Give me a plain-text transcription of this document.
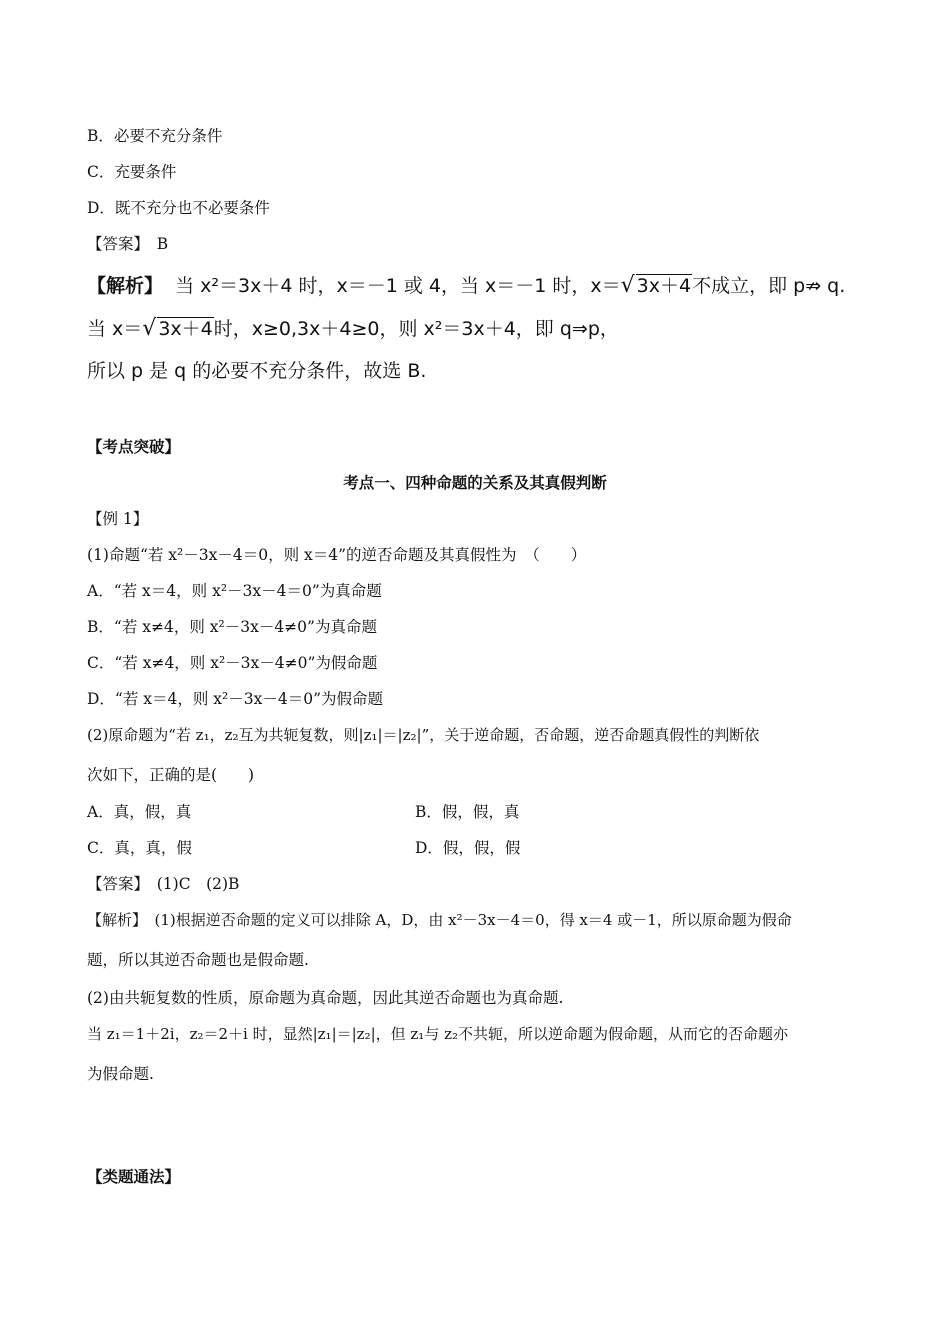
B．必要不充分条件
C．充要条件
D．既不充分也不必要条件
【答案】　B
【解析】 当 x²＝3x＋4 时，x＝－1 或 4，当 x＝－1 时，x＝√ 3x＋4不成立，即 p⇏ q.
当 x＝√ 3x＋4时，x≥0,3x＋4≥0，则 x²＝3x＋4，即 q⇒p，
所以 p 是 q 的必要不充分条件，故选 B.
【考点突破】
考点一、四种命题的关系及其真假判断
【例 1】
(1)命题“若 x²－3x－4＝0，则 x＝4”的逆否命题及其真假性为　（　　）
A．“若 x＝4，则 x²－3x－4＝0”为真命题
B．“若 x≠4，则 x²－3x－4≠0”为真命题
C．“若 x≠4，则 x²－3x－4≠0”为假命题
D．“若 x＝4，则 x²－3x－4＝0”为假命题
(2)原命题为“若 z₁，z₂互为共轭复数，则|z₁|＝|z₂|”，关于逆命题，否命题，逆否命题真假性的判断依
次如下，正确的是(　　)
A．真，假，真	B．假，假，真
C．真，真，假	D．假，假，假
【答案】　(1)C　(2)B
【解析】　(1)根据逆否命题的定义可以排除 A，D，由 x²－3x－4＝0，得 x＝4 或－1，所以原命题为假命
题，所以其逆否命题也是假命题.
(2)由共轭复数的性质，原命题为真命题，因此其逆否命题也为真命题.
当 z₁＝1＋2i，z₂＝2＋i 时，显然|z₁|＝|z₂|，但 z₁与 z₂不共轭，所以逆命题为假命题，从而它的否命题亦
为假命题.
【类题通法】
